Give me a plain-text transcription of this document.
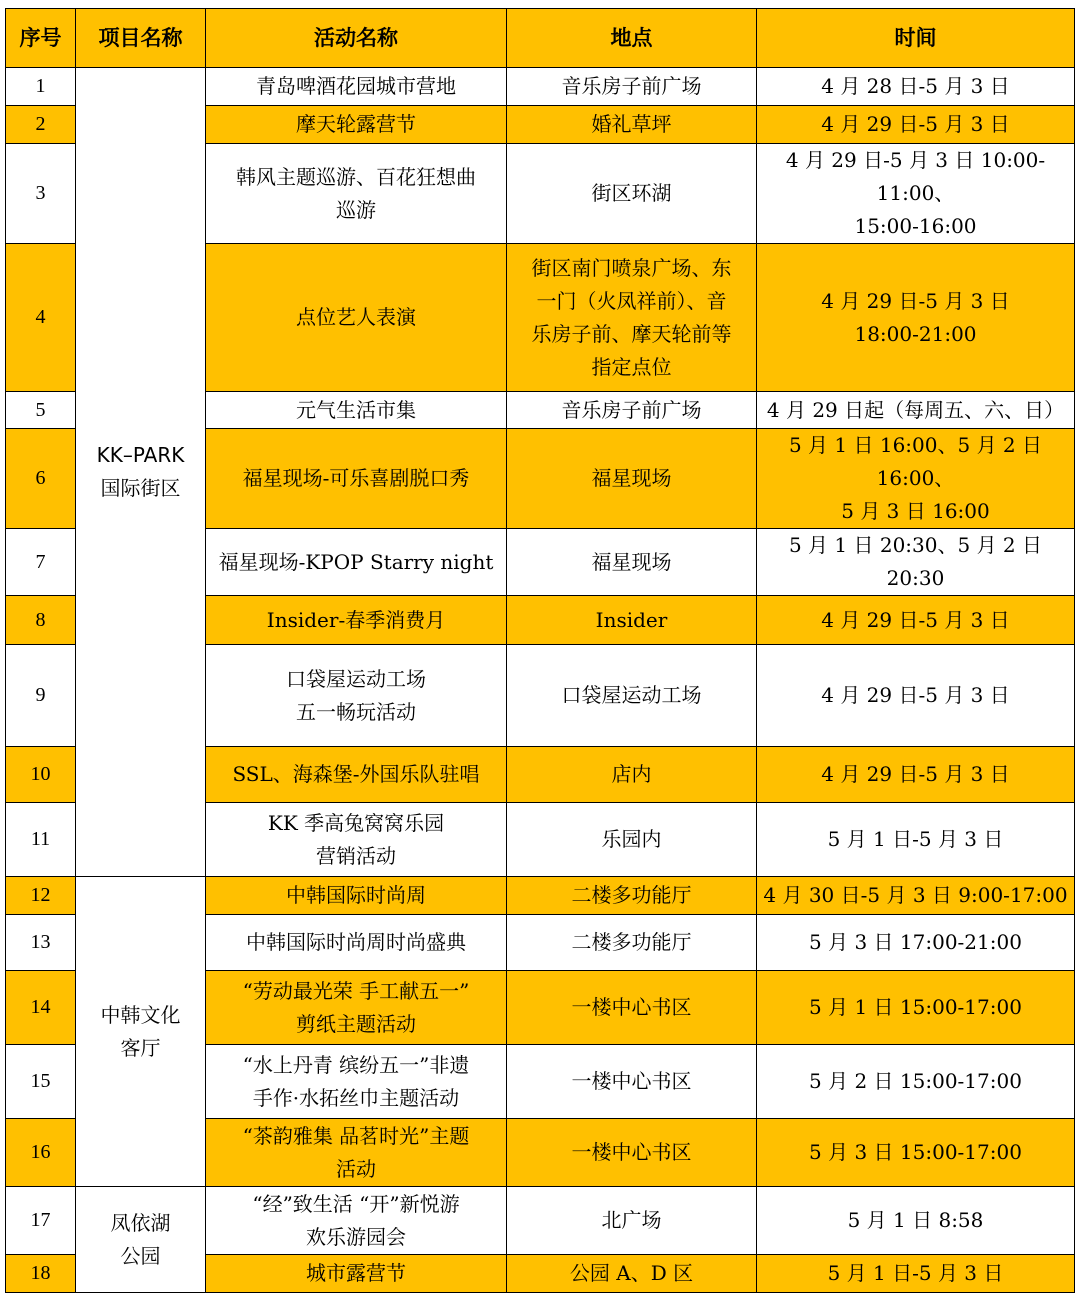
序号	项目名称	活动名称	地点	时间
1	KK–PARK
国际街区	青岛啤酒花园城市营地	音乐房子前广场	4 月 28 日-5 月 3 日
2		摩天轮露营节	婚礼草坪	4 月 29 日-5 月 3 日
3		韩风主题巡游、百花狂想曲
巡游	街区环湖	4 月 29 日-5 月 3 日 10:00-11:00、
15:00-16:00
4		点位艺人表演	街区南门喷泉广场、东
一门（火凤祥前）、音
乐房子前、摩天轮前等
指定点位	4 月 29 日-5 月 3 日
18:00-21:00
5		元气生活市集	音乐房子前广场	4 月 29 日起（每周五、六、日）
6		福星现场-可乐喜剧脱口秀	福星现场	5 月 1 日 16:00、5 月 2 日 16:00、
5 月 3 日 16:00
7		福星现场-KPOP Starry night	福星现场	5 月 1 日 20:30、5 月 2 日 20:30
8		Insider-春季消费月	Insider	4 月 29 日-5 月 3 日
9		口袋屋运动工场
五一畅玩活动	口袋屋运动工场	4 月 29 日-5 月 3 日
10		SSL、海森堡-外国乐队驻唱	店内	4 月 29 日-5 月 3 日
11		KK 季高兔窝窝乐园
营销活动	乐园内	5 月 1 日-5 月 3 日
12	中韩文化
客厅	中韩国际时尚周	二楼多功能厅	4 月 30 日-5 月 3 日 9:00-17:00
13		中韩国际时尚周时尚盛典	二楼多功能厅	5 月 3 日 17:00-21:00
14		“劳动最光荣 手工献五一”
剪纸主题活动	一楼中心书区	5 月 1 日 15:00-17:00
15		“水上丹青 缤纷五一”非遗
手作·水拓丝巾主题活动	一楼中心书区	5 月 2 日 15:00-17:00
16		“茶韵雅集 品茗时光”主题
活动	一楼中心书区	5 月 3 日 15:00-17:00
17	凤依湖
公园	“经”致生活 “开”新悦游
欢乐游园会	北广场	5 月 1 日 8:58
18		城市露营节	公园 A、D 区	5 月 1 日-5 月 3 日
